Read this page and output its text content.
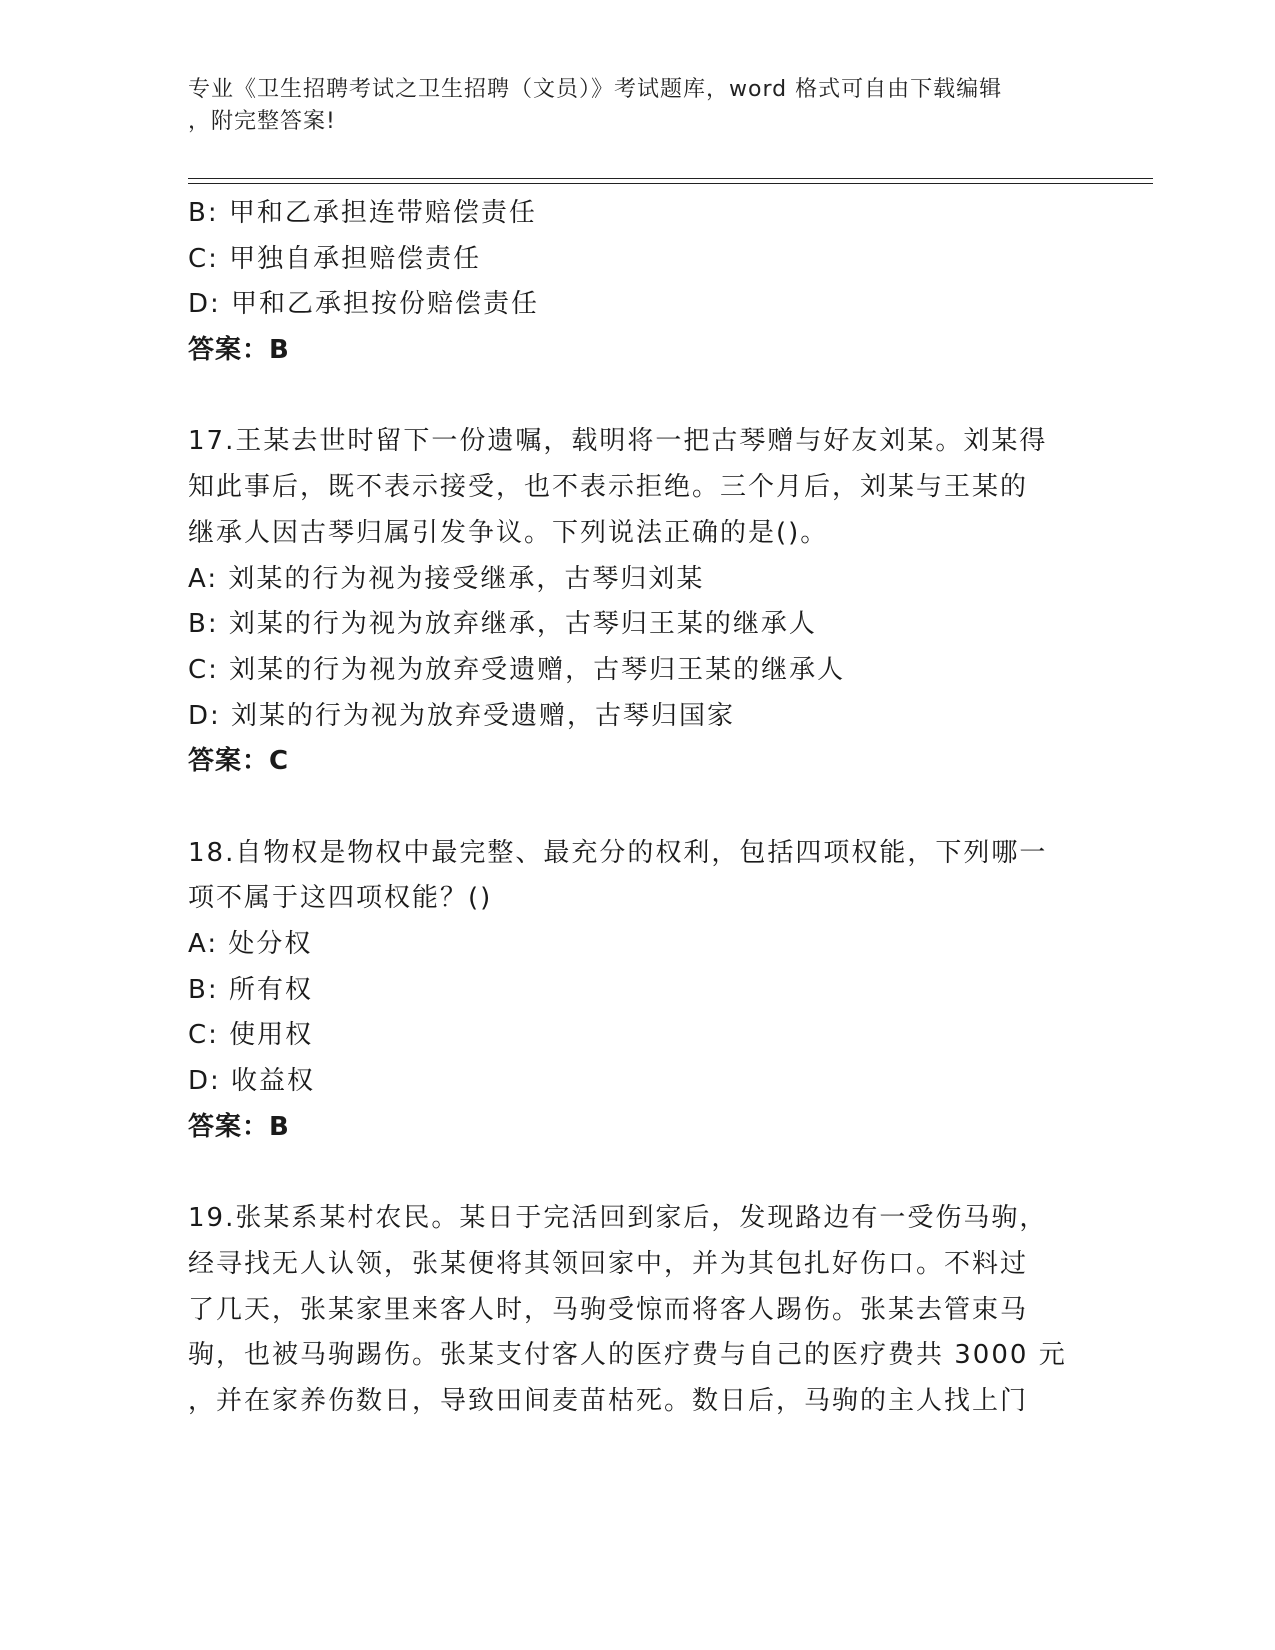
专业《卫生招聘考试之卫生招聘（文员）》考试题库，word 格式可自由下载编辑
，附完整答案!
B: 甲和乙承担连带赔偿责任
C: 甲独自承担赔偿责任
D: 甲和乙承担按份赔偿责任
答案：B
17.王某去世时留下一份遗嘱，载明将一把古琴赠与好友刘某。刘某得
知此事后，既不表示接受，也不表示拒绝。三个月后，刘某与王某的
继承人因古琴归属引发争议。下列说法正确的是()。
A: 刘某的行为视为接受继承，古琴归刘某
B: 刘某的行为视为放弃继承，古琴归王某的继承人
C: 刘某的行为视为放弃受遗赠，古琴归王某的继承人
D: 刘某的行为视为放弃受遗赠，古琴归国家
答案：C
18.自物权是物权中最完整、最充分的权利，包括四项权能，下列哪一
项不属于这四项权能？()
A: 处分权
B: 所有权
C: 使用权
D: 收益权
答案：B
19.张某系某村农民。某日于完活回到家后，发现路边有一受伤马驹，
经寻找无人认领，张某便将其领回家中，并为其包扎好伤口。不料过
了几天，张某家里来客人时，马驹受惊而将客人踢伤。张某去管束马
驹，也被马驹踢伤。张某支付客人的医疗费与自己的医疗费共 3000 元
，并在家养伤数日，导致田间麦苗枯死。数日后，马驹的主人找上门
